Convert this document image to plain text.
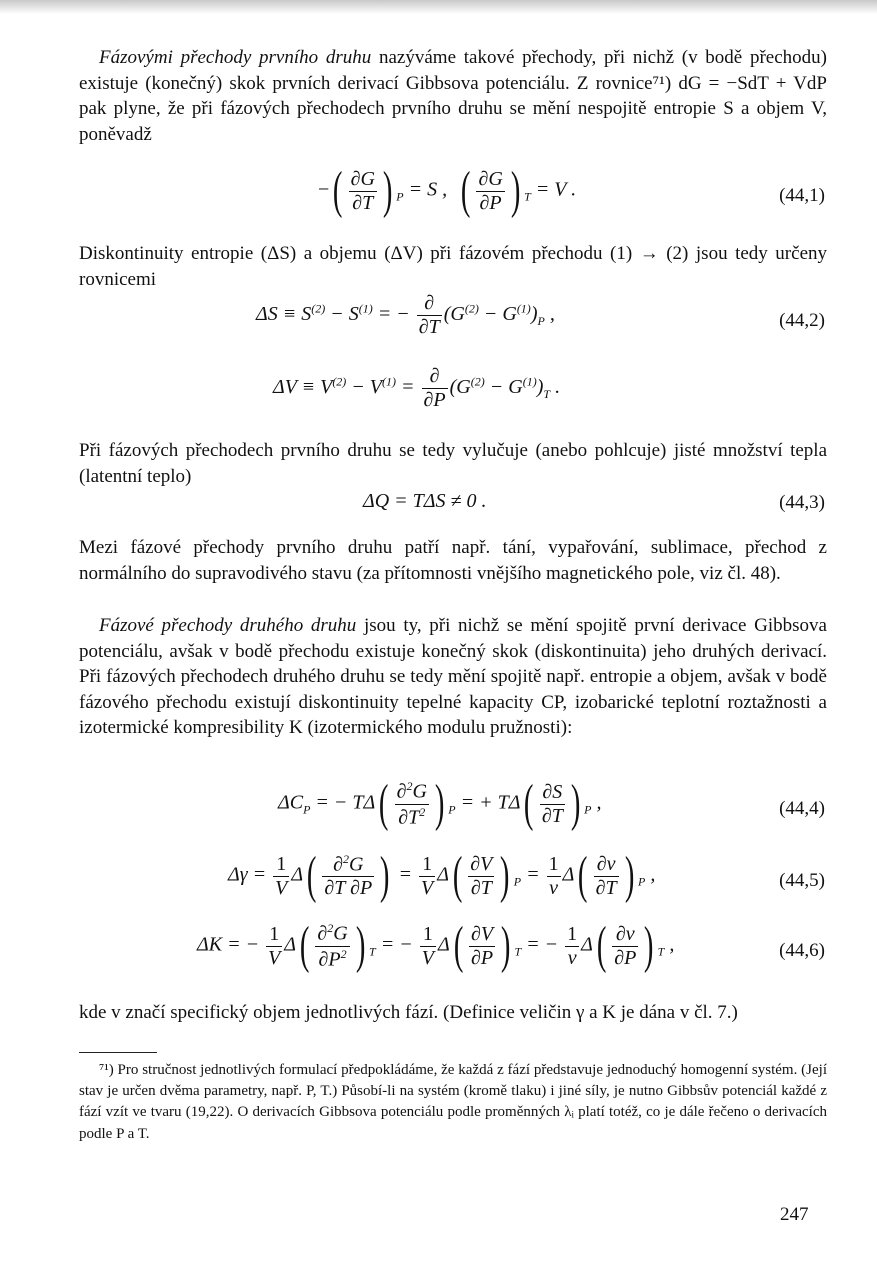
Fázovými přechody prvního druhu nazýváme takové přechody, při nichž (v bodě přechodu) existuje (konečný) skok prvních derivací Gibbsova potenciálu. Z rovnice⁷¹) dG = −SdT + VdP pak plyne, že při fázových přechodech prvního druhu se mění nespojitě entropie S a objem V, poněvadž

−( $\frac{\partial G}{\partial T}$ ) $_P$ = S , ( $\frac{\partial G}{\partial P}$ ) $_T$ = V .	(44,1)

Diskontinuity entropie (ΔS) a objemu (ΔV) při fázovém přechodu (1) → (2) jsou tedy určeny rovnicemi

$\Delta S \equiv S^{(2)} - S^{(1)}$ = − $\frac{\partial}{\partial T} (G^{(2)} - G^{(1)})_P$ ,	(44,2)
$\Delta V \equiv V^{(2)} - V^{(1)} = \frac{\partial}{\partial P} (G^{(2)} - G^{(1)})_T$ .

Při fázových přechodech prvního druhu se tedy vylučuje (anebo pohlcuje) jisté množství tepla (latentní teplo)

ΔQ = TΔS ≠ 0 .	(44,3)

Mezi fázové přechody prvního druhu patří např. tání, vypařování, sublimace, přechod z normálního do supravodivého stavu (za přítomnosti vnějšího magnetického pole, viz čl. 48).

Fázové přechody druhého druhu jsou ty, při nichž se mění spojitě první derivace Gibbsova potenciálu, avšak v bodě přechodu existuje konečný skok (diskontinuita) jeho druhých derivací. Při fázových přechodech druhého druhu se tedy mění spojitě např. entropie a objem, avšak v bodě fázového přechodu existují diskontinuity tepelné kapacity CP, izobarické teplotní roztažnosti a izotermické kompresibility K (izotermického modulu pružnosti):

$\Delta C_P$ = − $T\Delta( \frac{\partial^2G}{\partial T^2}$ ) $_P$ = + $T\Delta( \frac{\partial S}{\partial T}$ ) $_P$ ,	(44,4)
$\Delta\gamma = \frac{1}{V} \Delta( \frac{\partial^2G}{\partial T \partial P}$ ) = $\frac{1}{V} \Delta( \frac{\partial V}{\partial T}$ ) $_P = \frac{1}{v} \Delta( \frac{\partial v}{\partial T}$ ) $_P$ ,	(44,5)
ΔK = − $\frac{1}{V} \Delta( \frac{\partial^2G}{\partial P^2}$ ) $_T$ = − $\frac{1}{V} \Delta( \frac{\partial V}{\partial P}$ ) $_T$ = − $\frac{1}{v} \Delta( \frac{\partial v}{\partial P}$ ) $_T$ ,	(44,6)

kde v značí specifický objem jednotlivých fází. (Definice veličin γ a K je dána v čl. 7.)

⁷¹) Pro stručnost jednotlivých formulací předpokládáme, že každá z fází představuje jednoduchý homogenní systém. (Její stav je určen dvěma parametry, např. P, T.) Působí-li na systém (kromě tlaku) i jiné síly, je nutno Gibbsův potenciál každé z fází vzít ve tvaru (19,22). O derivacích Gibbsova potenciálu podle proměnných λᵢ platí totéž, co je dále řečeno o derivacích podle P a T.

247
